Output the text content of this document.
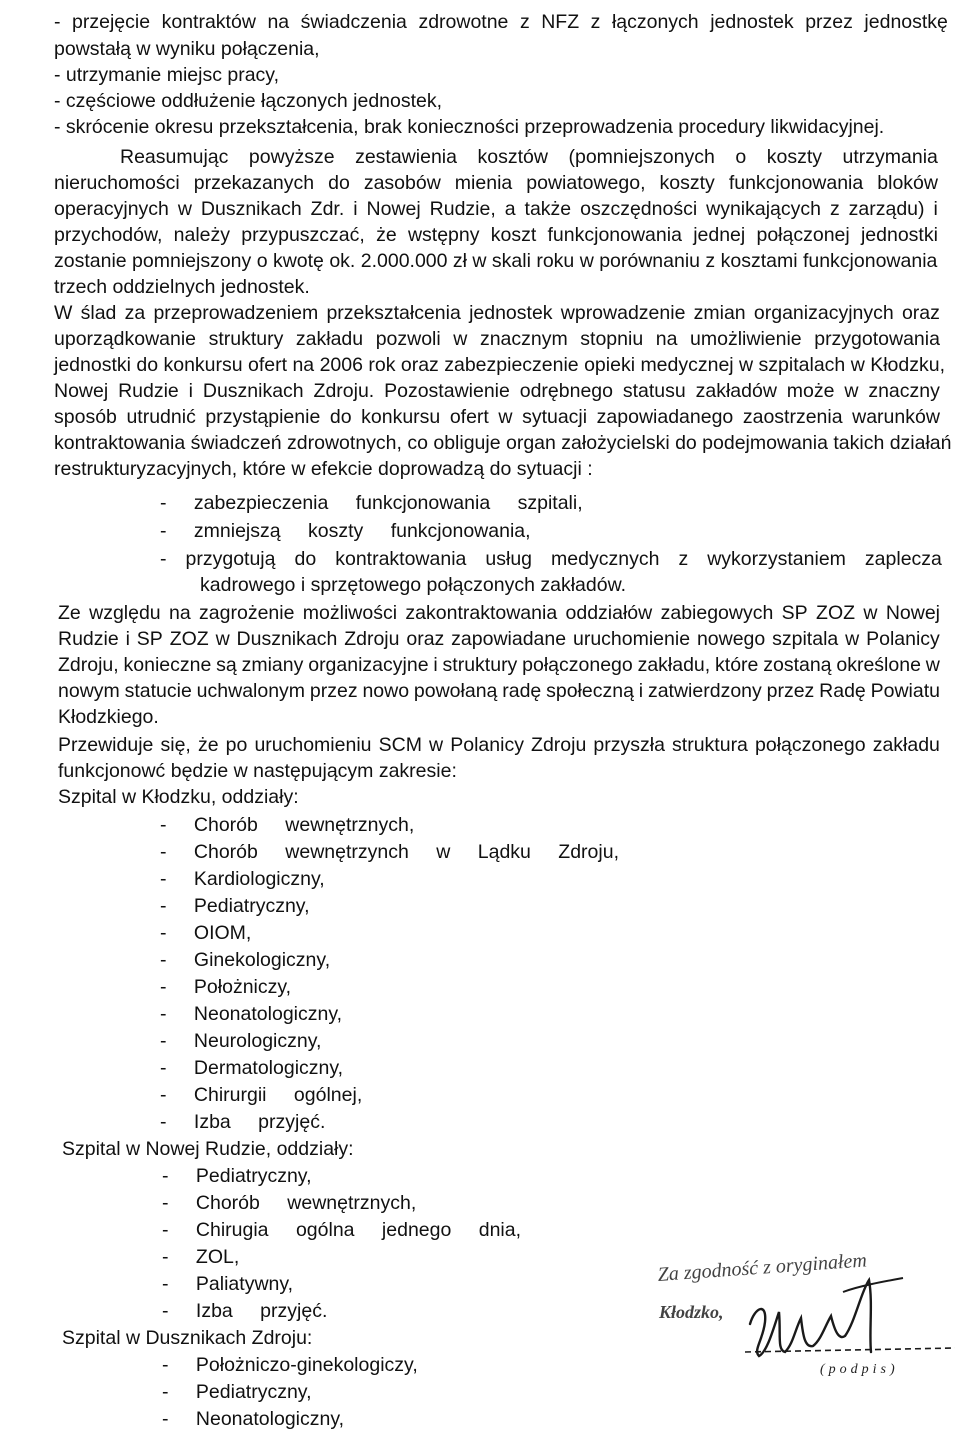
- przejęcie kontraktów na świadczenia zdrowotne z NFZ z łączonych jednostek przez jednostkę
powstałą w wyniku połączenia,
- utrzymanie miejsc pracy,
- częściowe oddłużenie łączonych jednostek,
- skrócenie okresu przekształcenia, brak konieczności przeprowadzenia procedury likwidacyjnej.
Reasumując powyższe zestawienia kosztów (pomniejszonych o koszty utrzymania
nieruchomości przekazanych do zasobów mienia powiatowego, koszty funkcjonowania bloków
operacyjnych w Dusznikach Zdr. i Nowej Rudzie, a także oszczędności wynikających z zarządu) i
przychodów, należy przypuszczać, że wstępny koszt funkcjonowania jednej połączonej jednostki
zostanie pomniejszony o kwotę ok. 2.000.000 zł w skali roku w porównaniu z kosztami funkcjonowania
trzech oddzielnych jednostek.
W ślad za przeprowadzeniem przekształcenia jednostek wprowadzenie zmian organizacyjnych oraz
uporządkowanie struktury zakładu pozwoli w znacznym stopniu na umożliwienie przygotowania
jednostki do konkursu ofert na 2006 rok oraz zabezpieczenie opieki medycznej w szpitalach w Kłodzku,
Nowej Rudzie i Dusznikach Zdroju. Pozostawienie odrębnego statusu zakładów może w znaczny
sposób utrudnić przystąpienie do konkursu ofert w sytuacji zapowiadanego zaostrzenia warunków
kontraktowania świadczeń zdrowotnych, co obliguje organ założycielski do podejmowania takich działań
restrukturyzacyjnych, które w efekcie doprowadzą do sytuacji :
- zabezpieczenia funkcjonowania szpitali,
- zmniejszą koszty funkcjonowania,
- przygotują do kontraktowania usług medycznych z wykorzystaniem zaplecza
kadrowego i sprzętowego połączonych zakładów.
Ze względu na zagrożenie możliwości zakontraktowania oddziałów zabiegowych SP ZOZ w Nowej
Rudzie i SP ZOZ w Dusznikach Zdroju oraz zapowiadane uruchomienie nowego szpitala w Polanicy
Zdroju, konieczne są zmiany organizacyjne i struktury połączonego zakładu, które zostaną określone w
nowym statucie uchwalonym przez nowo powołaną radę społeczną i zatwierdzony przez Radę Powiatu
Kłodzkiego.
Przewiduje się, że po uruchomieniu SCM w Polanicy Zdroju przyszła struktura połączonego zakładu
funkcjonowć będzie w następującym zakresie:
Szpital w Kłodzku, oddziały:
- Chorób wewnętrznych,
- Chorób wewnętrzynch w Lądku Zdroju,
- Kardiologiczny,
- Pediatryczny,
- OIOM,
- Ginekologiczny,
- Położniczy,
- Neonatologiczny,
- Neurologiczny,
- Dermatologiczny,
- Chirurgii ogólnej,
- Izba przyjęć.
Szpital w Nowej Rudzie, oddziały:
- Pediatryczny,
- Chorób wewnętrznych,
- Chirugia ogólna jednego dnia,
- ZOL,
- Paliatywny,
- Izba przyjęć.
Szpital w Dusznikach Zdroju:
- Położniczo-ginekologiczy,
- Pediatryczny,
- Neonatologiczny,
Za zgodność z oryginałem
Kłodzko,
(podpis)
